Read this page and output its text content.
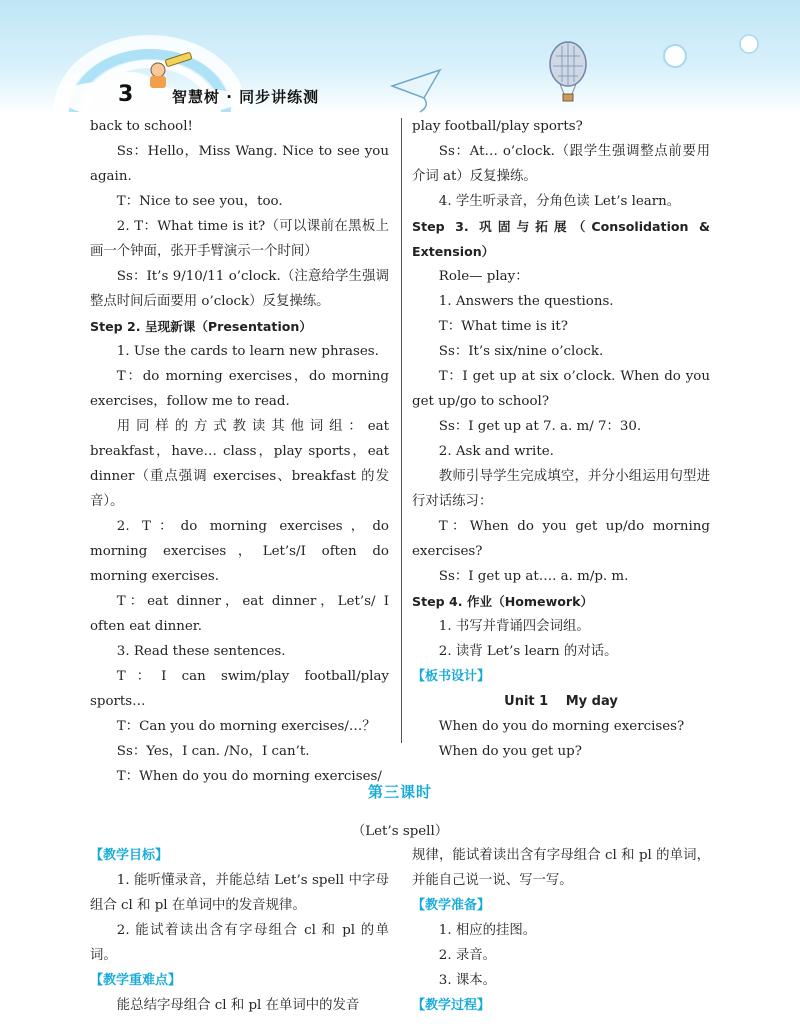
3	智慧树 · 同步讲练测

back to school!

Ss：Hello，Miss Wang. Nice to see you again.

T：Nice to see you，too.

2. T：What time is it?（可以课前在黑板上画一个钟面，张开手臂演示一个时间）

Ss：It’s 9/10/11 o’clock.（注意给学生强调整点时间后面要用 o’clock）反复操练。

Step 2. 呈现新课（Presentation）

1. Use the cards to learn new phrases.

T：do morning exercises，do morning exercises，follow me to read.

用同样的方式教读其他词组：eat breakfast，have… class，play sports，eat dinner（重点强调 exercises、breakfast 的发音）。

2. T：do morning exercises，do morning exercises，Let’s/I often do morning exercises.

T：eat dinner，eat dinner，Let’s/ I often eat dinner.

3. Read these sentences.

T：I can swim/play football/play sports…

T：Can you do morning exercises/…？

Ss：Yes，I can. /No，I can’t.

T：When do you do morning exercises/

play football/play sports?

Ss：At… o’clock.（跟学生强调整点前要用介词 at）反复操练。

4. 学生听录音，分角色读 Let’s learn。

Step 3. 巩固与拓展（Consolidation & Extension）

Role— play：

1. Answers the questions.

T：What time is it?

Ss：It’s six/nine o’clock.

T：I get up at six o’clock. When do you get up/go to school?

Ss：I get up at 7. a. m/ 7：30.

2. Ask and write.

教师引导学生完成填空，并分小组运用句型进行对话练习：

T：When do you get up/do morning exercises?

Ss：I get up at…. a. m/p. m.

Step 4. 作业（Homework）

1. 书写并背诵四会词组。

2. 读背 Let’s learn 的对话。

【板书设计】

Unit 1　 My day

When do you do morning exercises?

When do you get up?

第三课时
（Let’s spell）

【教学目标】

1. 能听懂录音，并能总结 Let’s spell 中字母组合 cl 和 pl 在单词中的发音规律。

2. 能试着读出含有字母组合 cl 和 pl 的单词。

【教学重难点】

能总结字母组合 cl 和 pl 在单词中的发音

规律，能试着读出含有字母组合 cl 和 pl 的单词，并能自己说一说、写一写。

【教学准备】

1. 相应的挂图。

2. 录音。

3. 课本。

【教学过程】
